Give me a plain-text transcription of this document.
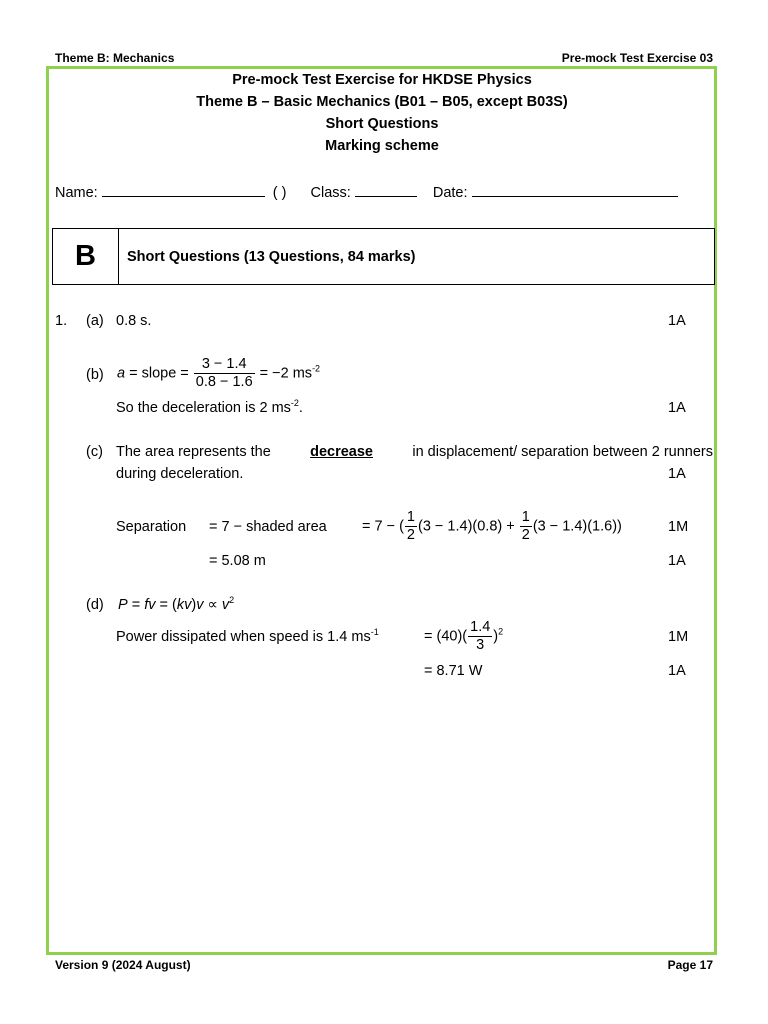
Theme B: Mechanics	Pre-mock Test Exercise 03
Pre-mock Test Exercise for HKDSE Physics
Theme B – Basic Mechanics (B01 – B05, except B03S)
Short Questions
Marking scheme
Name:	( ) Class:	Date:
B	Short Questions (13 Questions, 84 marks)
1. (a) 0.8 s.	1A
(b) a = slope = $\frac{3 - 1.4}{0.8 - 1.6} = -2$ $ms^{-2}$
So the deceleration is 2 $ms^{-2}$.	1A
(c) The area represents the	decrease	in displacement/ separation between 2 runners
during deceleration.	1A
Separation = 7 − shaded area = 7 − ( $\frac{1}{2} (3 - 1.4)(0.8) + \frac{1}{2} (3 - 1.4)(1.6)$)	1M
= 5.08 m	1A
(d) P = fv = $(kv)v \propto v^2$
Power dissipated when speed is 1.4 $ms^{-1}$	= $(40)( \frac{1.4}{3} )^2$	1M
= 8.71 W	1A
Version 9 (2024 August)	Page 17
